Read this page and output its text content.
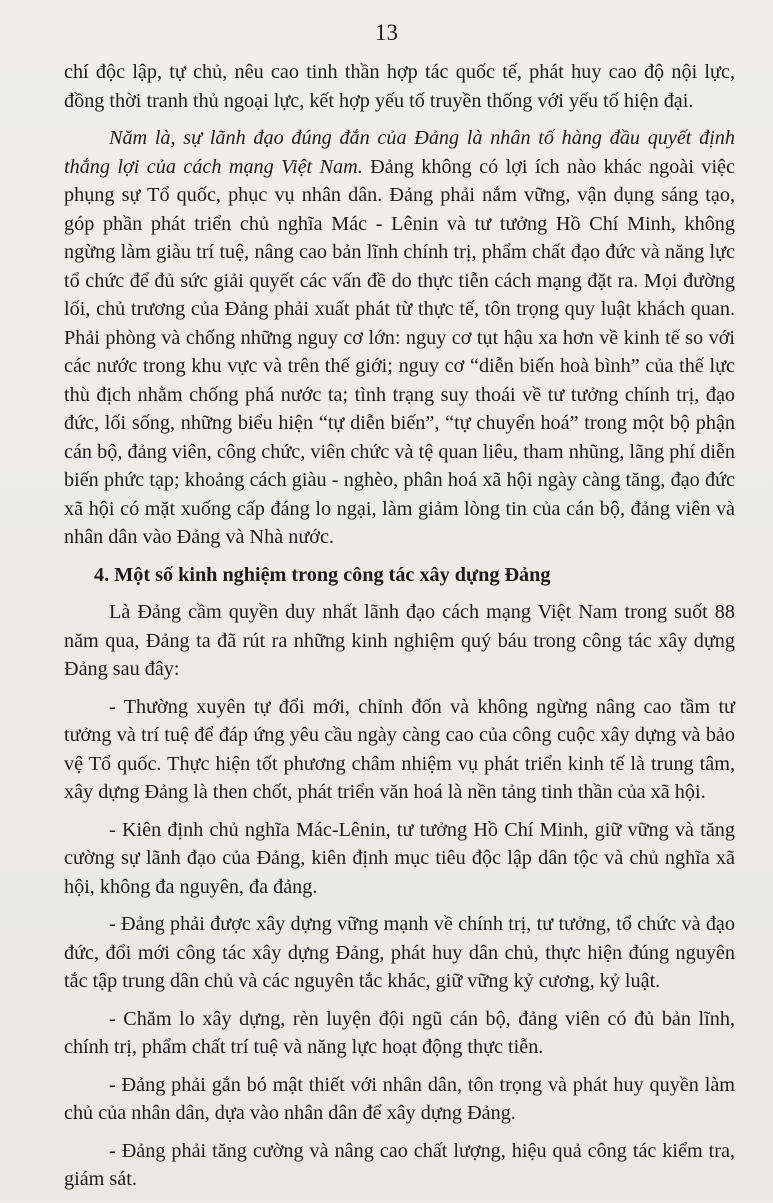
13

chí độc lập, tự chủ, nêu cao tinh thần hợp tác quốc tế, phát huy cao độ nội lực, đồng thời tranh thủ ngoại lực, kết hợp yếu tố truyền thống với yếu tố hiện đại.

Năm là, sự lãnh đạo đúng đắn của Đảng là nhân tố hàng đầu quyết định thắng lợi của cách mạng Việt Nam. Đảng không có lợi ích nào khác ngoài việc phụng sự Tổ quốc, phục vụ nhân dân. Đảng phải nắm vững, vận dụng sáng tạo, góp phần phát triển chủ nghĩa Mác - Lênin và tư tưởng Hồ Chí Minh, không ngừng làm giàu trí tuệ, nâng cao bản lĩnh chính trị, phẩm chất đạo đức và năng lực tổ chức để đủ sức giải quyết các vấn đề do thực tiễn cách mạng đặt ra. Mọi đường lối, chủ trương của Đảng phải xuất phát từ thực tế, tôn trọng quy luật khách quan. Phải phòng và chống những nguy cơ lớn: nguy cơ tụt hậu xa hơn về kinh tế so với các nước trong khu vực và trên thế giới; nguy cơ “diễn biến hoà bình” của thế lực thù địch nhằm chống phá nước ta; tình trạng suy thoái về tư tưởng chính trị, đạo đức, lối sống, những biểu hiện “tự diễn biến”, “tự chuyển hoá” trong một bộ phận cán bộ, đảng viên, công chức, viên chức và tệ quan liêu, tham nhũng, lãng phí diễn biến phức tạp; khoảng cách giàu - nghèo, phân hoá xã hội ngày càng tăng, đạo đức xã hội có mặt xuống cấp đáng lo ngại, làm giảm lòng tin của cán bộ, đảng viên và nhân dân vào Đảng và Nhà nước.

4. Một số kinh nghiệm trong công tác xây dựng Đảng

Là Đảng cầm quyền duy nhất lãnh đạo cách mạng Việt Nam trong suốt 88 năm qua, Đảng ta đã rút ra những kinh nghiệm quý báu trong công tác xây dựng Đảng sau đây:

- Thường xuyên tự đổi mới, chỉnh đốn và không ngừng nâng cao tầm tư tưởng và trí tuệ để đáp ứng yêu cầu ngày càng cao của công cuộc xây dựng và bảo vệ Tổ quốc. Thực hiện tốt phương châm nhiệm vụ phát triển kinh tế là trung tâm, xây dựng Đảng là then chốt, phát triển văn hoá là nền tảng tinh thần của xã hội.

- Kiên định chủ nghĩa Mác-Lênin, tư tưởng Hồ Chí Minh, giữ vững và tăng cường sự lãnh đạo của Đảng, kiên định mục tiêu độc lập dân tộc và chủ nghĩa xã hội, không đa nguyên, đa đảng.

- Đảng phải được xây dựng vững mạnh về chính trị, tư tưởng, tổ chức và đạo đức, đổi mới công tác xây dựng Đảng, phát huy dân chủ, thực hiện đúng nguyên tắc tập trung dân chủ và các nguyên tắc khác, giữ vững kỷ cương, kỷ luật.

- Chăm lo xây dựng, rèn luyện đội ngũ cán bộ, đảng viên có đủ bản lĩnh, chính trị, phẩm chất trí tuệ và năng lực hoạt động thực tiễn.

- Đảng phải gắn bó mật thiết với nhân dân, tôn trọng và phát huy quyền làm chủ của nhân dân, dựa vào nhân dân để xây dựng Đảng.

- Đảng phải tăng cường và nâng cao chất lượng, hiệu quả công tác kiểm tra, giám sát.
